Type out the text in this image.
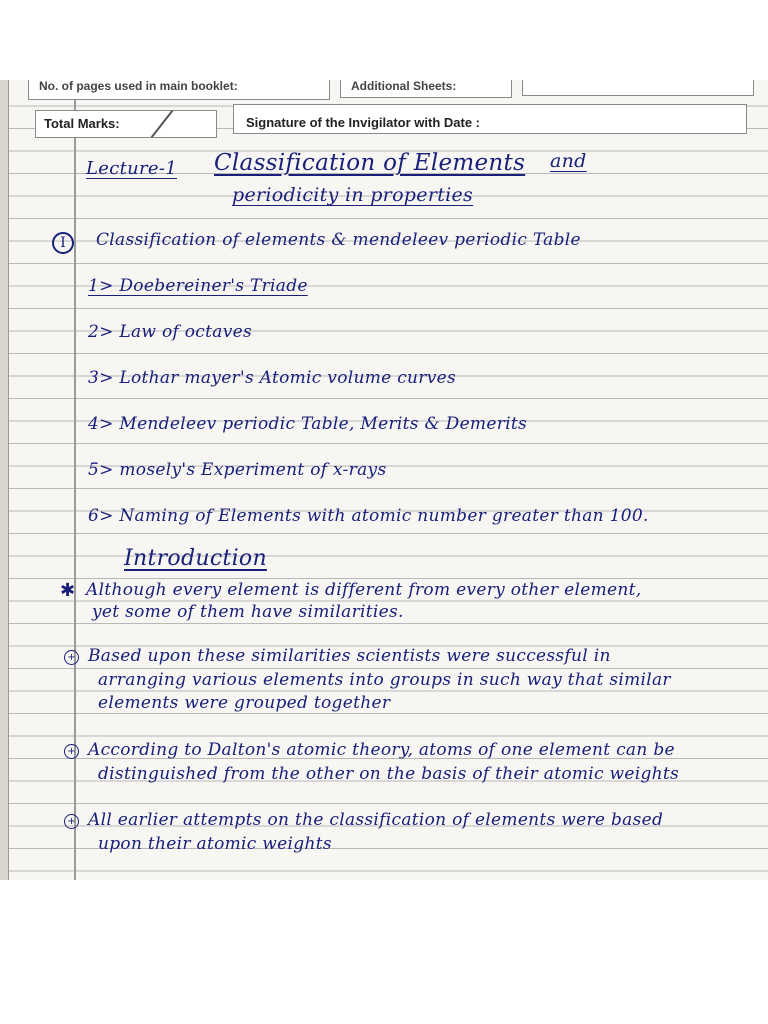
No. of pages used in main booklet:	Additional Sheets:
Total Marks:	Signature of the Invigilator with Date :
Lecture-1 Classification of Elements and
periodicity in properties
I	Classification of elements & mendeleev periodic Table
1> Doebereiner's Triade
2> Law of octaves
3> Lothar mayer's Atomic volume curves
4> Mendeleev periodic Table, Merits & Demerits
5> mosely's Experiment of x-rays
6> Naming of Elements with atomic number greater than 100.
Introduction
✱ Although every element is different from every other element,
yet some of them have similarities.
+ Based upon these similarities scientists were successful in
arranging various elements into groups in such way that similar
elements were grouped together
+ According to Dalton's atomic theory, atoms of one element can be
distinguished from the other on the basis of their atomic weights
+ All earlier attempts on the classification of elements were based
upon their atomic weights
